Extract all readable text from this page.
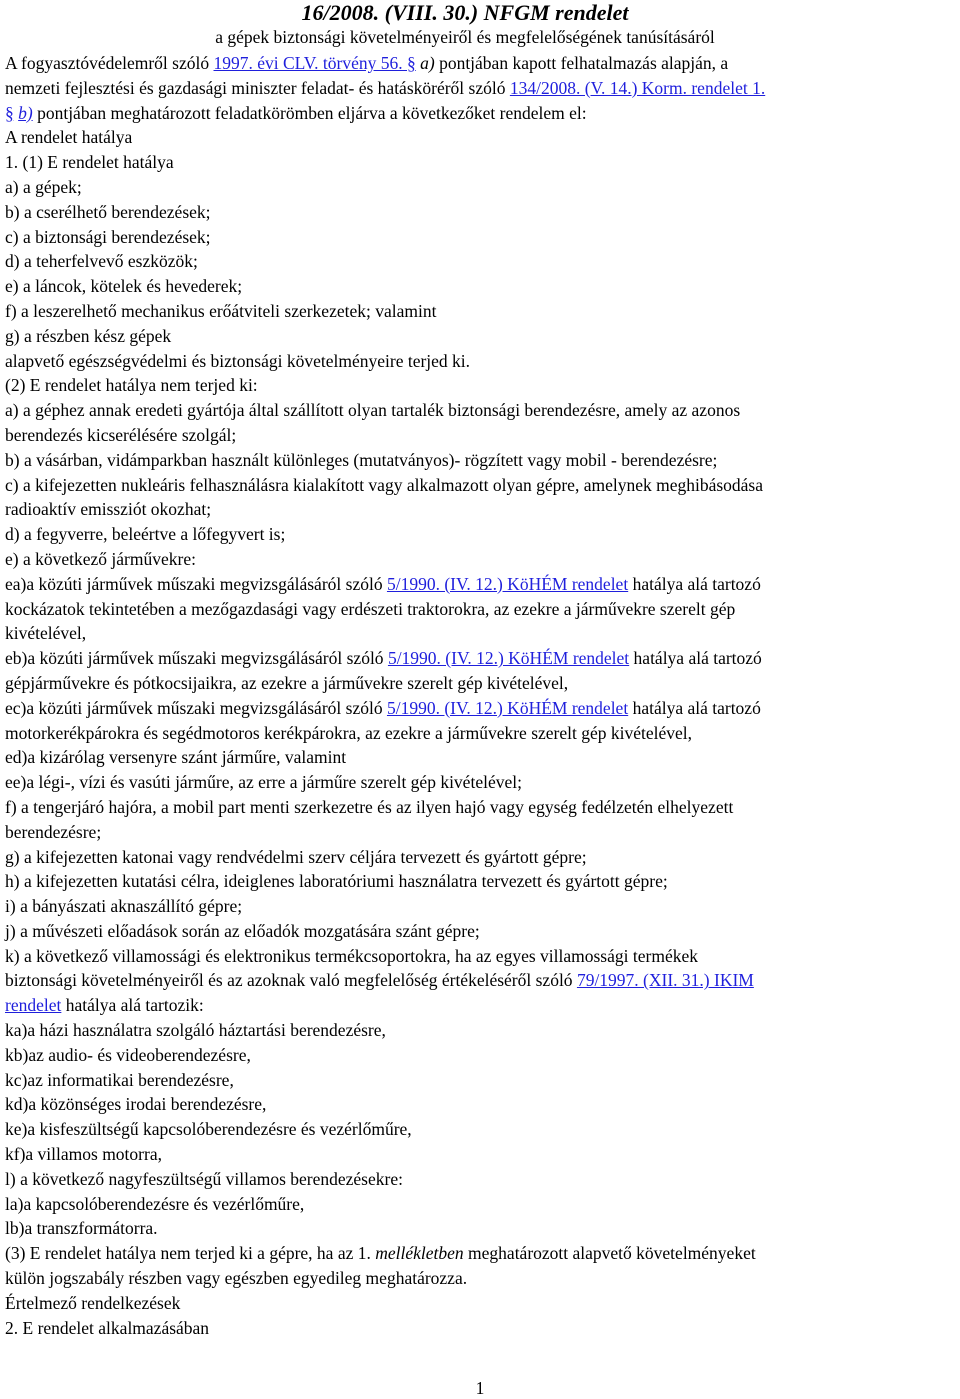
16/2008. (VIII. 30.) NFGM rendelet
a gépek biztonsági követelményeiről és megfelelőségének tanúsításáról
A fogyasztóvédelemről szóló 1997. évi CLV. törvény 56. § a) pontjában kapott felhatalmazás alapján, a
nemzeti fejlesztési és gazdasági miniszter feladat- és hatásköréről szóló 134/2008. (V. 14.) Korm. rendelet 1.
§ b) pontjában meghatározott feladatkörömben eljárva a következőket rendelem el:
A rendelet hatálya
1. (1) E rendelet hatálya
a) a gépek;
b) a cserélhető berendezések;
c) a biztonsági berendezések;
d) a teherfelvevő eszközök;
e) a láncok, kötelek és hevederek;
f) a leszerelhető mechanikus erőátviteli szerkezetek; valamint
g) a részben kész gépek
alapvető egészségvédelmi és biztonsági követelményeire terjed ki.
(2) E rendelet hatálya nem terjed ki:
a) a géphez annak eredeti gyártója által szállított olyan tartalék biztonsági berendezésre, amely az azonos
berendezés kicserélésére szolgál;
b) a vásárban, vidámparkban használt különleges (mutatványos)- rögzített vagy mobil - berendezésre;
c) a kifejezetten nukleáris felhasználásra kialakított vagy alkalmazott olyan gépre, amelynek meghibásodása
radioaktív emissziót okozhat;
d) a fegyverre, beleértve a lőfegyvert is;
e) a következő járművekre:
ea)a közúti járművek műszaki megvizsgálásáról szóló 5/1990. (IV. 12.) KöHÉM rendelet hatálya alá tartozó
kockázatok tekintetében a mezőgazdasági vagy erdészeti traktorokra, az ezekre a járművekre szerelt gép
kivételével,
eb)a közúti járművek műszaki megvizsgálásáról szóló 5/1990. (IV. 12.) KöHÉM rendelet hatálya alá tartozó
gépjárművekre és pótkocsijaikra, az ezekre a járművekre szerelt gép kivételével,
ec)a közúti járművek műszaki megvizsgálásáról szóló 5/1990. (IV. 12.) KöHÉM rendelet hatálya alá tartozó
motorkerékpárokra és segédmotoros kerékpárokra, az ezekre a járművekre szerelt gép kivételével,
ed)a kizárólag versenyre szánt járműre, valamint
ee)a légi-, vízi és vasúti járműre, az erre a járműre szerelt gép kivételével;
f) a tengerjáró hajóra, a mobil part menti szerkezetre és az ilyen hajó vagy egység fedélzetén elhelyezett
berendezésre;
g) a kifejezetten katonai vagy rendvédelmi szerv céljára tervezett és gyártott gépre;
h) a kifejezetten kutatási célra, ideiglenes laboratóriumi használatra tervezett és gyártott gépre;
i) a bányászati aknaszállító gépre;
j) a művészeti előadások során az előadók mozgatására szánt gépre;
k) a következő villamossági és elektronikus termékcsoportokra, ha az egyes villamossági termékek
biztonsági követelményeiről és az azoknak való megfelelőség értékeléséről szóló 79/1997. (XII. 31.) IKIM
rendelet hatálya alá tartozik:
ka)a házi használatra szolgáló háztartási berendezésre,
kb)az audio- és videoberendezésre,
kc)az informatikai berendezésre,
kd)a közönséges irodai berendezésre,
ke)a kisfeszültségű kapcsolóberendezésre és vezérlőműre,
kf)a villamos motorra,
l) a következő nagyfeszültségű villamos berendezésekre:
la)a kapcsolóberendezésre és vezérlőműre,
lb)a transzformátorra.
(3) E rendelet hatálya nem terjed ki a gépre, ha az 1. mellékletben meghatározott alapvető követelményeket
külön jogszabály részben vagy egészben egyedileg meghatározza.
Értelmező rendelkezések
2. E rendelet alkalmazásában
1
